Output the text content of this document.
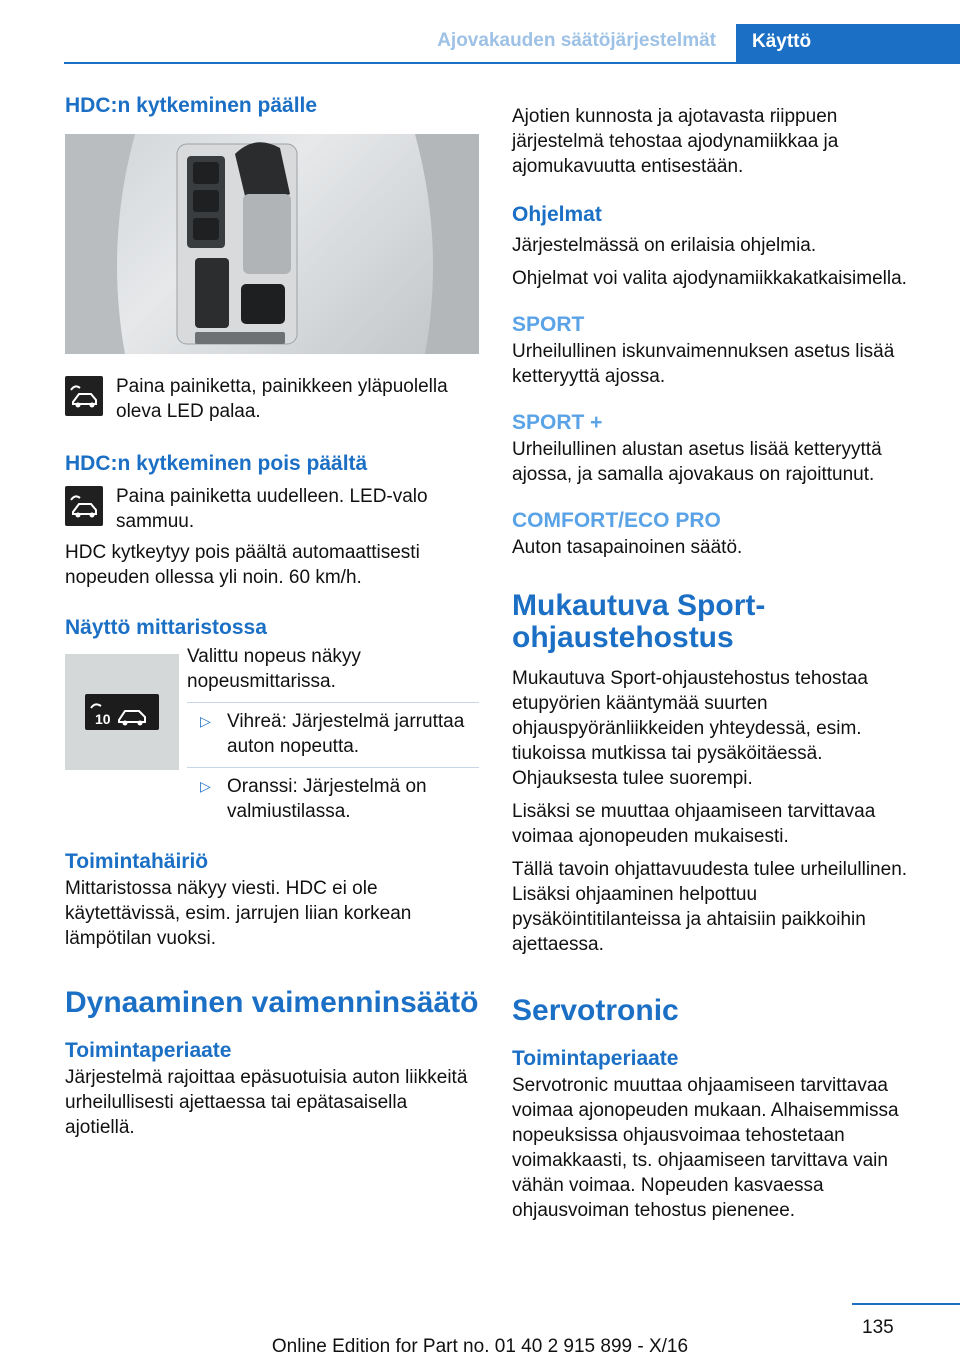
Ajovakauden säätöjärjestelmät	Käyttö
HDC:n kytkeminen päälle

Paina painiketta, painikkeen yläpuolella oleva LED palaa.

HDC:n kytkeminen pois päältä

Paina painiketta uudelleen. LED-valo sammuu.

HDC kytkeytyy pois päältä automaattisesti nopeuden ollessa yli noin. 60 km/h.

Näyttö mittaristossa
10

Valittu nopeus näkyy nopeusmittarissa.

▷ Vihreä: Järjestelmä jarruttaa auton nopeutta.
▷ Oranssi: Järjestelmä on valmiustilassa.
Toimintahäiriö

Mittaristossa näkyy viesti. HDC ei ole käytettävissä, esim. jarrujen liian korkean lämpötilan vuoksi.

Dynaaminen vaimenninsäätö
Toimintaperiaate

Järjestelmä rajoittaa epäsuotuisia auton liikkeitä urheilullisesti ajettaessa tai epätasaisella ajotiellä.

Ajotien kunnosta ja ajotavasta riippuen järjestelmä tehostaa ajodynamiikkaa ja ajomukavuutta entisestään.

Ohjelmat

Järjestelmässä on erilaisia ohjelmia.

Ohjelmat voi valita ajodynamiikkakatkaisimella.

SPORT

Urheilullinen iskunvaimennuksen asetus lisää ketteryyttä ajossa.

SPORT +

Urheilullinen alustan asetus lisää ketteryyttä ajossa, ja samalla ajovakaus on rajoittunut.

COMFORT/ECO PRO

Auton tasapainoinen säätö.

Mukautuva Sport-ohjaustehostus

Mukautuva Sport-ohjaustehostus tehostaa etupyörien kääntymää suurten ohjauspyöränliikkeiden yhteydessä, esim. tiukoissa mutkissa tai pysäköitäessä. Ohjauksesta tulee suorempi.

Lisäksi se muuttaa ohjaamiseen tarvittavaa voimaa ajonopeuden mukaisesti.

Tällä tavoin ohjattavuudesta tulee urheilullinen. Lisäksi ohjaaminen helpottuu pysäköintitilanteissa ja ahtaisiin paikkoihin ajettaessa.

Servotronic
Toimintaperiaate

Servotronic muuttaa ohjaamiseen tarvittavaa voimaa ajonopeuden mukaan. Alhaisemmissa nopeuksissa ohjausvoimaa tehostetaan voimakkaasti, ts. ohjaamiseen tarvittava vain vähän voimaa. Nopeuden kasvaessa ohjausvoiman tehostus pienenee.

135
Online Edition for Part no. 01 40 2 915 899 - X/16
